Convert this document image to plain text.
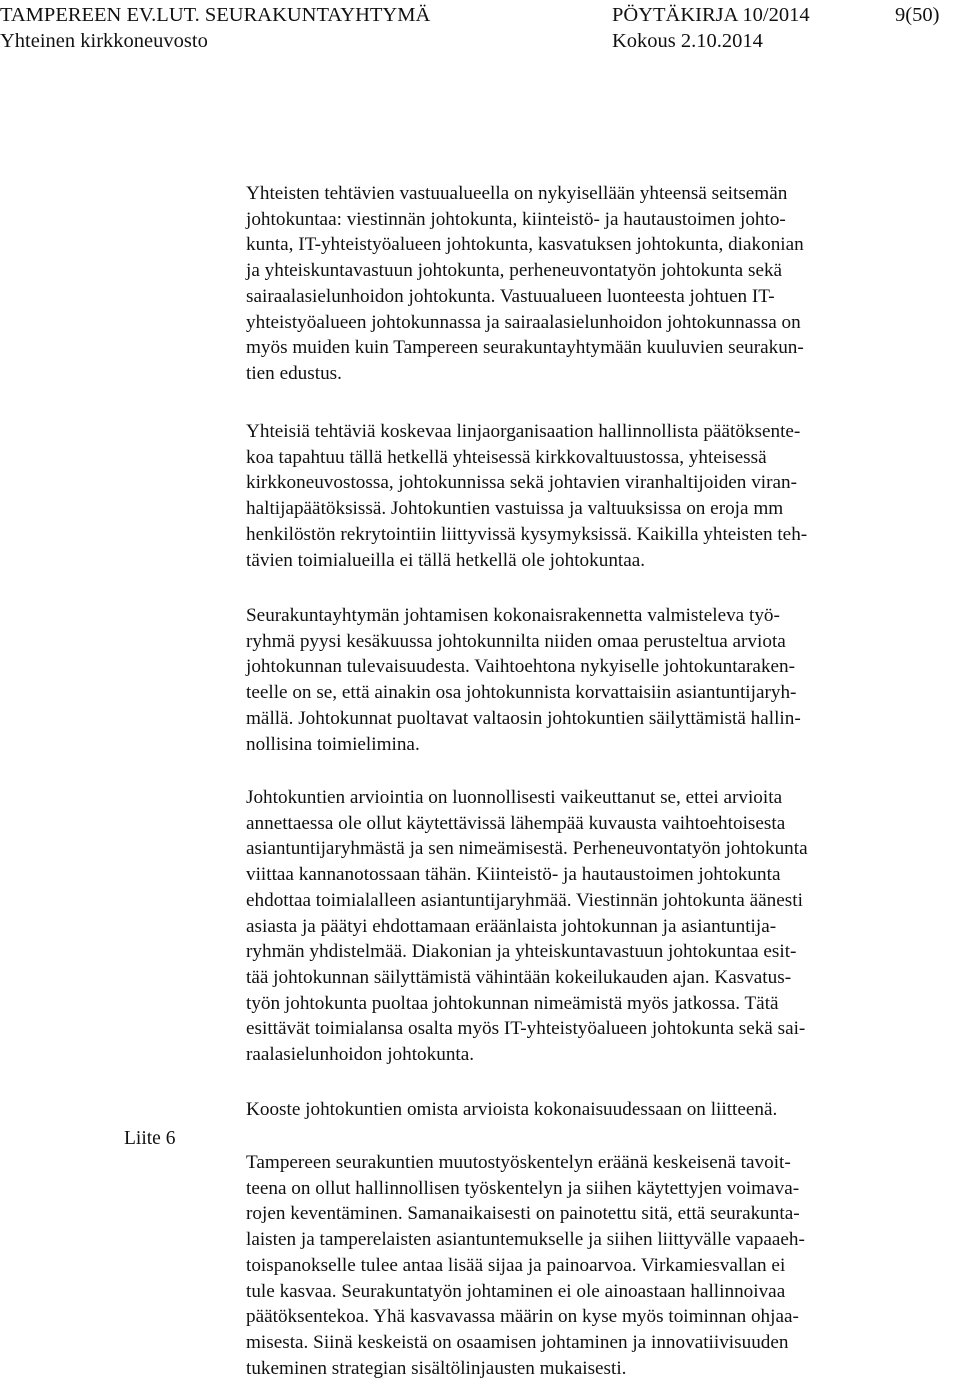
TAMPEREEN EV.LUT. SEURAKUNTAYHTYMÄ	PÖYTÄKIRJA 10/2014	9(50)
Yhteinen kirkkoneuvosto	Kokous 2.10.2014
Liite 6

Yhteisten tehtävien vastuualueella on nykyisellään yhteensä seitsemän
johtokuntaa: viestinnän johtokunta, kiinteistö- ja hautaustoimen johto-
kunta, IT-yhteistyöalueen johtokunta, kasvatuksen johtokunta, diakonian
ja yhteiskuntavastuun johtokunta, perheneuvontatyön johtokunta sekä
sairaalasielunhoidon johtokunta. Vastuualueen luonteesta johtuen IT-
yhteistyöalueen johtokunnassa ja sairaalasielunhoidon johtokunnassa on
myös muiden kuin Tampereen seurakuntayhtymään kuuluvien seurakun-
tien edustus.

Yhteisiä tehtäviä koskevaa linjaorganisaation hallinnollista päätöksente-
koa tapahtuu tällä hetkellä yhteisessä kirkkovaltuustossa, yhteisessä
kirkkoneuvostossa, johtokunnissa sekä johtavien viranhaltijoiden viran-
haltijapäätöksissä. Johtokuntien vastuissa ja valtuuksissa on eroja mm
henkilöstön rekrytointiin liittyvissä kysymyksissä. Kaikilla yhteisten teh-
tävien toimialueilla ei tällä hetkellä ole johtokuntaa.

Seurakuntayhtymän johtamisen kokonaisrakennetta valmisteleva työ-
ryhmä pyysi kesäkuussa johtokunnilta niiden omaa perusteltua arviota
johtokunnan tulevaisuudesta. Vaihtoehtona nykyiselle johtokuntaraken-
teelle on se, että ainakin osa johtokunnista korvattaisiin asiantuntijaryh-
mällä. Johtokunnat puoltavat valtaosin johtokuntien säilyttämistä hallin-
nollisina toimielimina.

Johtokuntien arviointia on luonnollisesti vaikeuttanut se, ettei arvioita
annettaessa ole ollut käytettävissä lähempää kuvausta vaihtoehtoisesta
asiantuntijaryhmästä ja sen nimeämisestä. Perheneuvontatyön johtokunta
viittaa kannanotossaan tähän. Kiinteistö- ja hautaustoimen johtokunta
ehdottaa toimialalleen asiantuntijaryhmää. Viestinnän johtokunta äänesti
asiasta ja päätyi ehdottamaan eräänlaista johtokunnan ja asiantuntija-
ryhmän yhdistelmää. Diakonian ja yhteiskuntavastuun johtokuntaa esit-
tää johtokunnan säilyttämistä vähintään kokeilukauden ajan. Kasvatus-
työn johtokunta puoltaa johtokunnan nimeämistä myös jatkossa. Tätä
esittävät toimialansa osalta myös IT-yhteistyöalueen johtokunta sekä sai-
raalasielunhoidon johtokunta.

Kooste johtokuntien omista arvioista kokonaisuudessaan on liitteenä.

Tampereen seurakuntien muutostyöskentelyn eräänä keskeisenä tavoit-
teena on ollut hallinnollisen työskentelyn ja siihen käytettyjen voimava-
rojen keventäminen. Samanaikaisesti on painotettu sitä, että seurakunta-
laisten ja tamperelaisten asiantuntemukselle ja siihen liittyvälle vapaaeh-
toispanokselle tulee antaa lisää sijaa ja painoarvoa. Virkamiesvallan ei
tule kasvaa. Seurakuntatyön johtaminen ei ole ainoastaan hallinnoivaa
päätöksentekoa. Yhä kasvavassa määrin on kyse myös toiminnan ohjaa-
misesta. Siinä keskeistä on osaamisen johtaminen ja innovatiivisuuden
tukeminen strategian sisältölinjausten mukaisesti.
